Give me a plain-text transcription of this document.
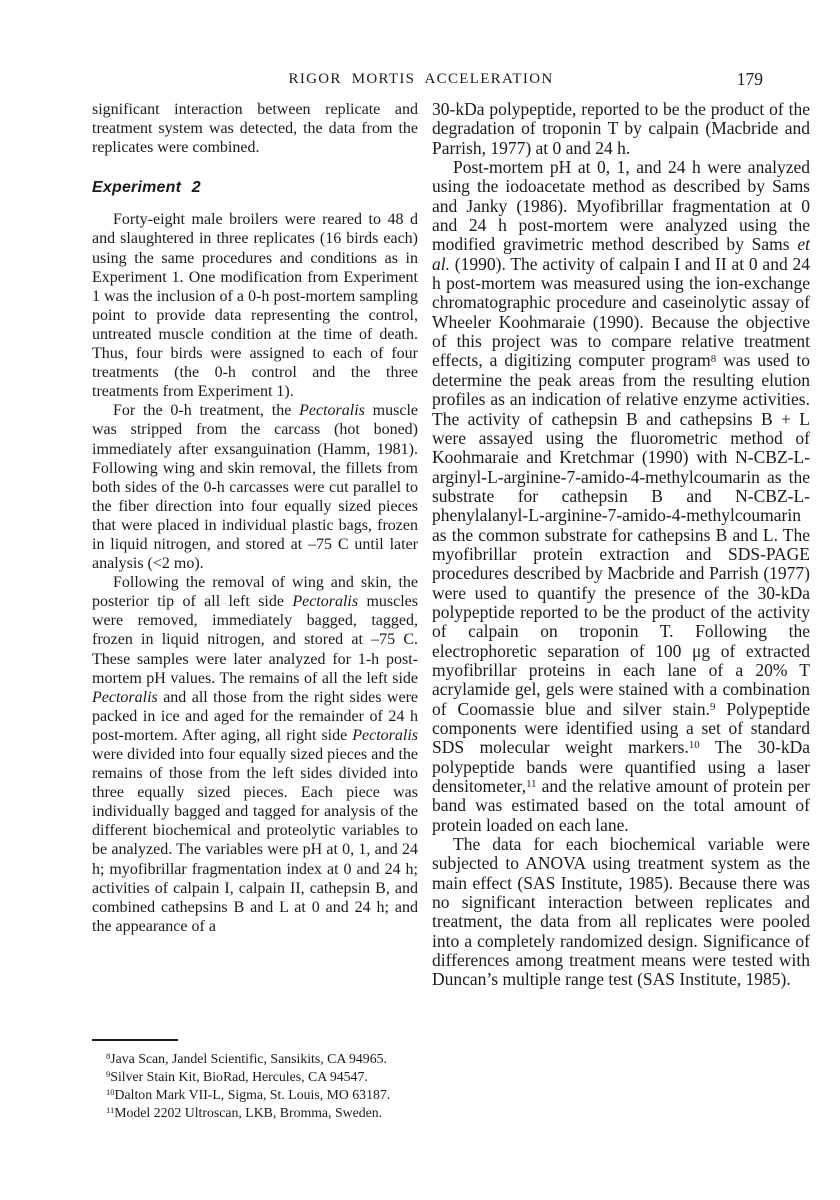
RIGOR MORTIS ACCELERATION	179

significant interaction between replicate and treatment system was detected, the data from the replicates were combined.

Experiment 2

Forty-eight male broilers were reared to 48 d and slaughtered in three replicates (16 birds each) using the same procedures and conditions as in Experiment 1. One modification from Experiment 1 was the inclusion of a 0-h post-mortem sampling point to provide data representing the control, untreated muscle condition at the time of death. Thus, four birds were assigned to each of four treatments (the 0-h control and the three treatments from Experiment 1).

For the 0-h treatment, the Pectoralis muscle was stripped from the carcass (hot boned) immediately after exsanguination (Hamm, 1981). Following wing and skin removal, the fillets from both sides of the 0-h carcasses were cut parallel to the fiber direction into four equally sized pieces that were placed in individual plastic bags, frozen in liquid nitrogen, and stored at –75 C until later analysis (<2 mo).

Following the removal of wing and skin, the posterior tip of all left side Pectoralis muscles were removed, immediately bagged, tagged, frozen in liquid nitrogen, and stored at –75 C. These samples were later analyzed for 1-h post-mortem pH values. The remains of all the left side Pectoralis and all those from the right sides were packed in ice and aged for the remainder of 24 h post-mortem. After aging, all right side Pectoralis were divided into four equally sized pieces and the remains of those from the left sides divided into three equally sized pieces. Each piece was individually bagged and tagged for analysis of the different biochemical and proteolytic variables to be analyzed. The variables were pH at 0, 1, and 24 h; myofibrillar fragmentation index at 0 and 24 h; activities of calpain I, calpain II, cathepsin B, and combined cathepsins B and L at 0 and 24 h; and the appearance of a

$^8$Java Scan, Jandel Scientific, Sansikits, CA 94965.

$^9$Silver Stain Kit, BioRad, Hercules, CA 94547.

$^{10}$Dalton Mark VII-L, Sigma, St. Louis, MO 63187.

$^{11}$Model 2202 Ultroscan, LKB, Bromma, Sweden.

30-kDa polypeptide, reported to be the product of the degradation of troponin T by calpain (Macbride and Parrish, 1977) at 0 and 24 h.

Post-mortem pH at 0, 1, and 24 h were analyzed using the iodoacetate method as described by Sams and Janky (1986). Myofibrillar fragmentation at 0 and 24 h post-mortem were analyzed using the modified gravimetric method described by Sams et al. (1990). The activity of calpain I and II at 0 and 24 h post-mortem was measured using the ion-exchange chromatographic procedure and caseinolytic assay of Wheeler Koohmaraie (1990). Because the objective of this project was to compare relative treatment effects, a digitizing computer program$^8$ was used to determine the peak areas from the resulting elution profiles as an indication of relative enzyme activities. The activity of cathepsin B and cathepsins B + L were assayed using the fluorometric method of Koohmaraie and Kretchmar (1990) with N-CBZ-L-arginyl-L-arginine-7-amido-4-methylcoumarin as the substrate for cathepsin B and N-CBZ-L-phenylalanyl-L-arginine-7-amido-4-methylcoumarin as the common substrate for cathepsins B and L. The myofibrillar protein extraction and SDS-PAGE procedures described by Macbride and Parrish (1977) were used to quantify the presence of the 30-kDa polypeptide reported to be the product of the activity of calpain on troponin T. Following the electrophoretic separation of 100 μg of extracted myofibrillar proteins in each lane of a 20% T acrylamide gel, gels were stained with a combination of Coomassie blue and silver stain.$^9$ Polypeptide components were identified using a set of standard SDS molecular weight markers.$^{10}$ The 30-kDa polypeptide bands were quantified using a laser densitometer,$^{11}$ and the relative amount of protein per band was estimated based on the total amount of protein loaded on each lane.

The data for each biochemical variable were subjected to ANOVA using treatment system as the main effect (SAS Institute, 1985). Because there was no significant interaction between replicates and treatment, the data from all replicates were pooled into a completely randomized design. Significance of differences among treatment means were tested with Duncan’s multiple range test (SAS Institute, 1985).
